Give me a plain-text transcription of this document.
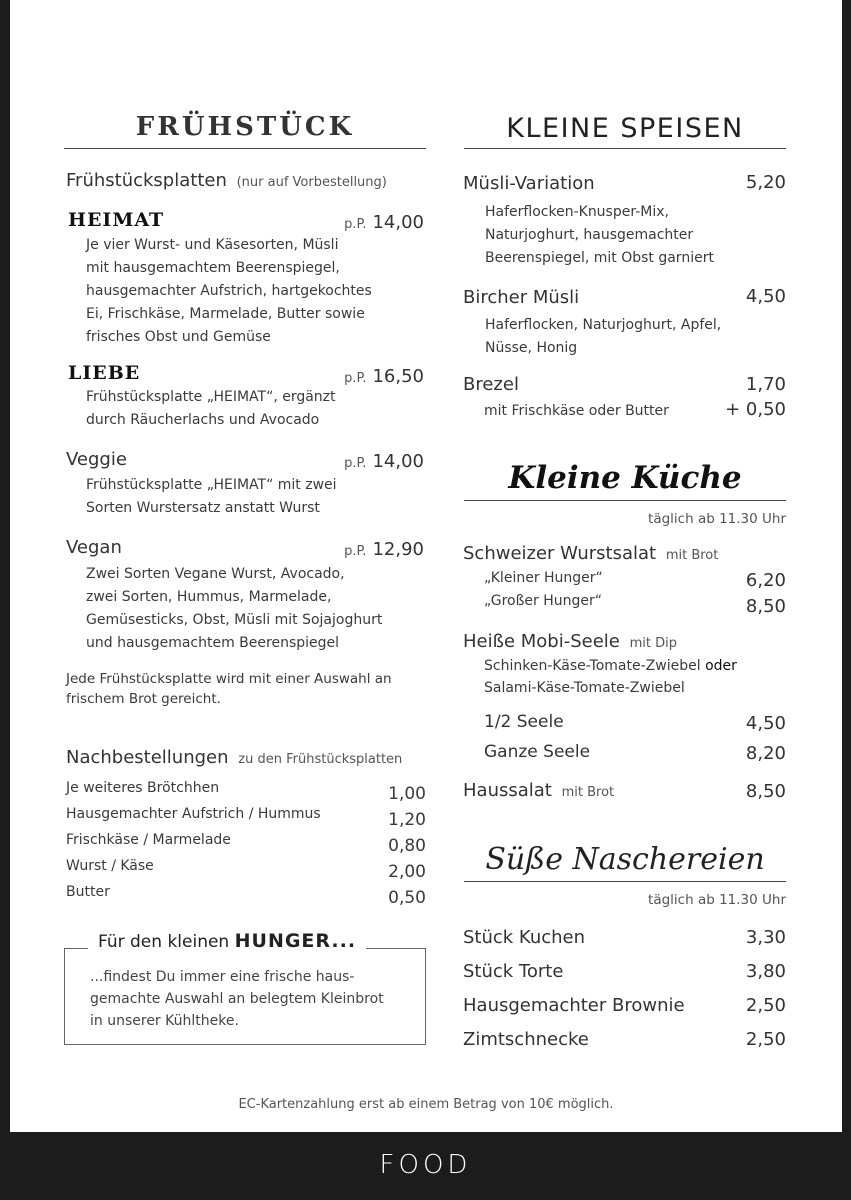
FRÜHSTÜCK
Frühstücksplatten (nur auf Vorbestellung)
HEIMAT	p.P. 14,00
Je vier Wurst- und Käsesorten, Müsli
mit hausgemachtem Beerenspiegel,
hausgemachter Aufstrich, hartgekochtes
Ei, Frischkäse, Marmelade, Butter sowie
frisches Obst und Gemüse
LIEBE	p.P. 16,50
Frühstücksplatte „HEIMAT“, ergänzt
durch Räucherlachs und Avocado
Veggie	p.P. 14,00
Frühstücksplatte „HEIMAT“ mit zwei
Sorten Wurstersatz anstatt Wurst
Vegan	p.P. 12,90
Zwei Sorten Vegane Wurst, Avocado,
zwei Sorten, Hummus, Marmelade,
Gemüsesticks, Obst, Müsli mit Sojajoghurt
und hausgemachtem Beerenspiegel
Jede Frühstücksplatte wird mit einer Auswahl an
frischem Brot gereicht.
Nachbestellungen zu den Frühstücksplatten
Je weiteres Brötchhen	1,00
Hausgemachter Aufstrich / Hummus	1,20
Frischkäse / Marmelade	0,80
Wurst / Käse	2,00
Butter	0,50
Für den kleinen HUNGER...
...findest Du immer eine frische haus-
gemachte Auswahl an belegtem Kleinbrot
in unserer Kühltheke.
KLEINE SPEISEN
Müsli-Variation	5,20
Haferflocken-Knusper-Mix,
Naturjoghurt, hausgemachter
Beerenspiegel, mit Obst garniert
Bircher Müsli	4,50
Haferflocken, Naturjoghurt, Apfel,
Nüsse, Honig
Brezel	1,70
mit Frischkäse oder Butter	+ 0,50
Kleine Küche
täglich ab 11.30 Uhr
Schweizer Wurstsalat mit Brot
„Kleiner Hunger“	6,20
„Großer Hunger“	8,50
Heiße Mobi-Seele mit Dip
Schinken-Käse-Tomate-Zwiebel oder
Salami-Käse-Tomate-Zwiebel
1/2 Seele	4,50
Ganze Seele	8,20
Haussalat mit Brot	8,50
Süße Naschereien
täglich ab 11.30 Uhr
Stück Kuchen	3,30
Stück Torte	3,80
Hausgemachter Brownie	2,50
Zimtschnecke	2,50
EC-Kartenzahlung erst ab einem Betrag von 10€ möglich.
FOOD
